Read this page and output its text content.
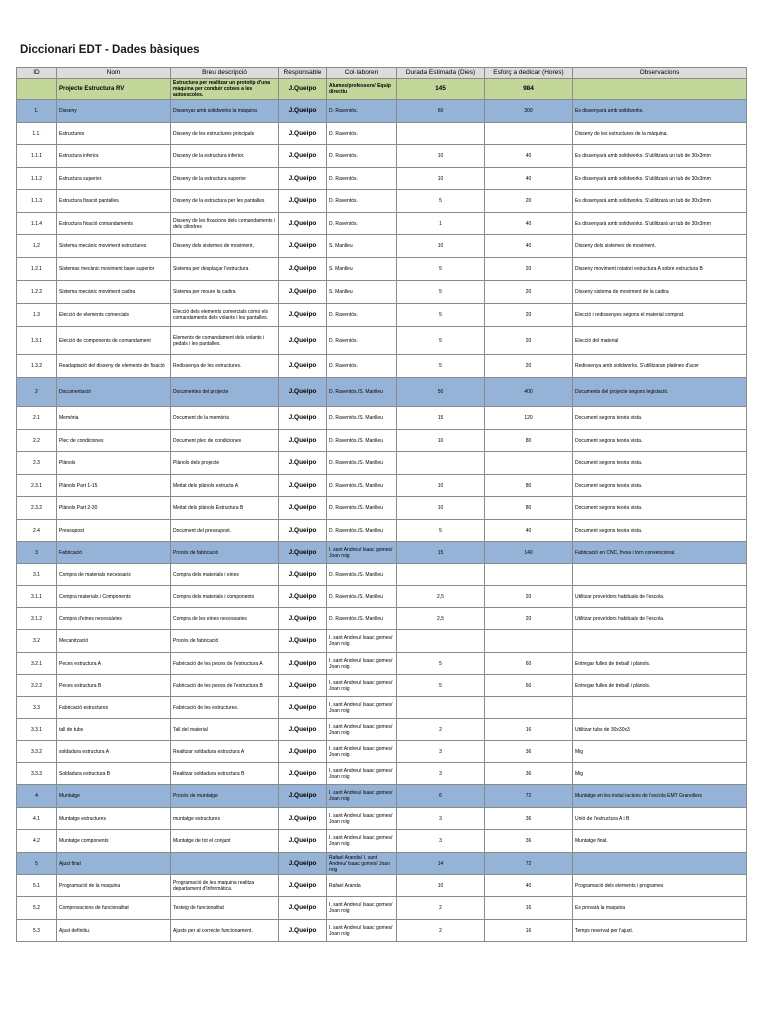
Diccionari EDT - Dades bàsiques
ID	Nom	Breu descripció	Responsable	Col·laboren	Durada Estimada (Dies)	Esforç a dedicar (Hores)	Observacions
	Projecte Estructura RV	Estructura per realitzar un prototip d'una màquina per conduir cotxes a les autoescoles.	J.Queipo	Alumes/professors/ Equip directiu	145	984	
1.	Disseny	Dissenyar amb solidworks la màquina	J.Queipo	D. Raventós.	60	300	Es dissenyarà amb solidworks.
1.1.	Estructures	Disseny de les estructures principals	J.Queipo	D. Raventós.			Disseny de les estructures de la màquina.
1.1.1	Estructura inferior.	Disseny de la estructura inferior.	J.Queipo	D. Raventós.	10	40	Es dissenyarà amb solidworks. S'utilitzarà un tub de 30x3mm
1.1.2	Estructura superior.	Disseny de la estructura superior	J.Queipo	D. Raventós.	10	40	Es dissenyarà amb solidworks. S'utilitzarà un tub de 30x3mm
1.1.3	Estructura fixació pantalles	Disseny de la estructura per les pantalles	J.Queipo	D. Raventós.	5	20	Es dissenyarà amb solidworks. S'utilitzarà un tub de 30x3mm
1.1.4	Estructura fixació comandaments	Disseny de les fixacions dels comandaments i dels cilindres	J.Queipo	D. Raventós.	1	40	Es dissenyarà amb solidworks. S'utilitzarà un tub de 30x3mm
1,2	Sistema mecànic moviment estructures	Disseny dels sistemes de moviment,	J.Queipo	S. Manlleu	10	40	Disseny dels sistemes de moviment.
1.2.1	Sistemas mecànic moviment base superior	Sistema per desplaçar l'estructura	J.Queipo	S. Manlleu	5	20	Disseny moviment rotatori estructura A sobre estructura B
1.2.2	Sistema mecànic moviment cadira	Sistema per moure la cadira	J.Queipo	S. Manlleu	5	20	Disseny sistema de moviment de la cadira
1.3	Elecció de elements comercials	Elecció dels elements comercials como els comandaments dels volants i les pantalles.	J.Queipo	D. Raventós.	5	20	Elecció i redissenyes segons el material comprat.
1.3.1	Elecció de components de comandament	Elements de comandament dels volants i pedals i les pantalles.	J.Queipo	D. Raventós.	5	20	Elecció del material
1.3.2	Readaptació del disseny de elements de fixació	Redissenya de les estructures.	J.Queipo	D. Raventós.	5	20	Redissenya amb solidworks. S'utilitzaran platines d'acer
2	Documentació	Documentes del projecte	J.Queipo	D. Raventós./S. Manlleu	50	400	Documents del projecte segons legislació.
2.1	Memòria	Document de la memòria	J.Queipo	D. Raventós./S. Manlleu	15	120	Document segons teoria vista.
2.2	Plec de condiciones	Document plec de condiciones	J.Queipo	D. Raventós./S. Manlleu	10	80	Document segons teoria vista.
2.3	Plànols	Plànols dels projecte	J.Queipo	D. Raventós./S. Manlleu			Document segons teoria vista.
2.3.1	Plànols Part 1-15	Meitat dels plànols estructa A	J.Queipo	D. Raventós./S. Manlleu	10	80	Document segons teoria vista.
2.3.2	Plànols Part 2-30	Meitat dels plànols Estructura B	J.Queipo	D. Raventós./S. Manlleu	10	80	Document segons teoria vista.
2.4	Pressupost	Document del pressupost.	J.Queipo	D. Raventós./S. Manlleu	5	40	Document segons teoria vista.
3	Fabricació	Procés de fabricació	J.Queipo	I. sant Andreu/ Isaac gomes/ Joan roig	15	140	Fabricació en CNC, fresa i torn convencional.
3.1	Compra de materials necessaris	Compra dels materials i eines	J.Queipo	D. Raventós./S. Manlleu			
3.1.1	Compra materials i Components	Compra dels materials i components	J.Queipo	D. Raventós./S. Manlleu	2,5	20	Utilitzar proveïdors habituals de l'escola.
3.1.2	Compra d'eines necessàries	Compra de les eines necessaries	J.Queipo	D. Raventós./S. Manlleu	2,5	20	Utilitzar proveïdors habituals de l'escola.
3.2	Mecanització	Procés de fabricació	J.Queipo	I. sant Andreu/ Isaac gomes/ Joan roig			
3.2.1	Peces estructura A	Fabricació de les peces de l'estructura A	J.Queipo	I. sant Andreu/ Isaac gomes/ Joan roig	5	60	Entregar fulles de treball i plànols.
3.2.2	Peces estructura B	Fabricació de les peces de l'estructura B	J.Queipo	I. sant Andreu/ Isaac gomes/ Joan roig	5	60	Entregar fulles de treball i plànols.
3.3	Fabricació estructures	Fabricació de les estructures.	J.Queipo	I. sant Andreu/ Isaac gomes/ Joan roig			
3.3.1	tall de tubs	Tall del material	J.Queipo	I. sant Andreu/ Isaac gomes/ Joan roig	2	16	Utilitzar tubs de 30x30x3
3.3.2	soldadura estructura A	Realitzar soldadura estructura A	J.Queipo	I. sant Andreu/ Isaac gomes/ Joan roig	3	36	Mig
3.3.3	Soldadura estructura B	Realitzar soldadura estructura B	J.Queipo	I. sant Andreu/ Isaac gomes/ Joan roig	3	36	Mig
4	Muntatge	Procés de muntatge	J.Queipo	I. sant Andreu/ Isaac gomes/ Joan roig	6	72	Muntatge en les instal·lacions de l'escola EMT Granollers
4.1	Muntatge estructures	muntatge estructures	J.Queipo	I. sant Andreu/ Isaac gomes/ Joan roig	3	36	Unió de l'estructura A i B
4.2	Muntatge components	Muntatge de tot el conjunt	J.Queipo	I. sant Andreu/ Isaac gomes/ Joan roig	3	36	Muntatge final.
5	Ajust final		J.Queipo	Rafael Aranda/ I. sant Andreu/ Isaac gomes/ Joan roig	14	72	
5.1	Programació de la maquina	Programació de les maquina realitza departament d'Informàtica.	J.Queipo	Rafael Aranda	10	40	Programació dels elements i programes
5.2	Comprovacions de funcionalitat	Testeig de funcionalitat	J.Queipo	I. sant Andreu/ Isaac gomes/ Joan roig	2	16	Es provarà la maquina
5.3	Ajust definitiu.	Ajusts per al correcte funcionament.	J.Queipo	I. sant Andreu/ Isaac gomes/ Joan roig	2	16	Temps reservat per l'ajust.
